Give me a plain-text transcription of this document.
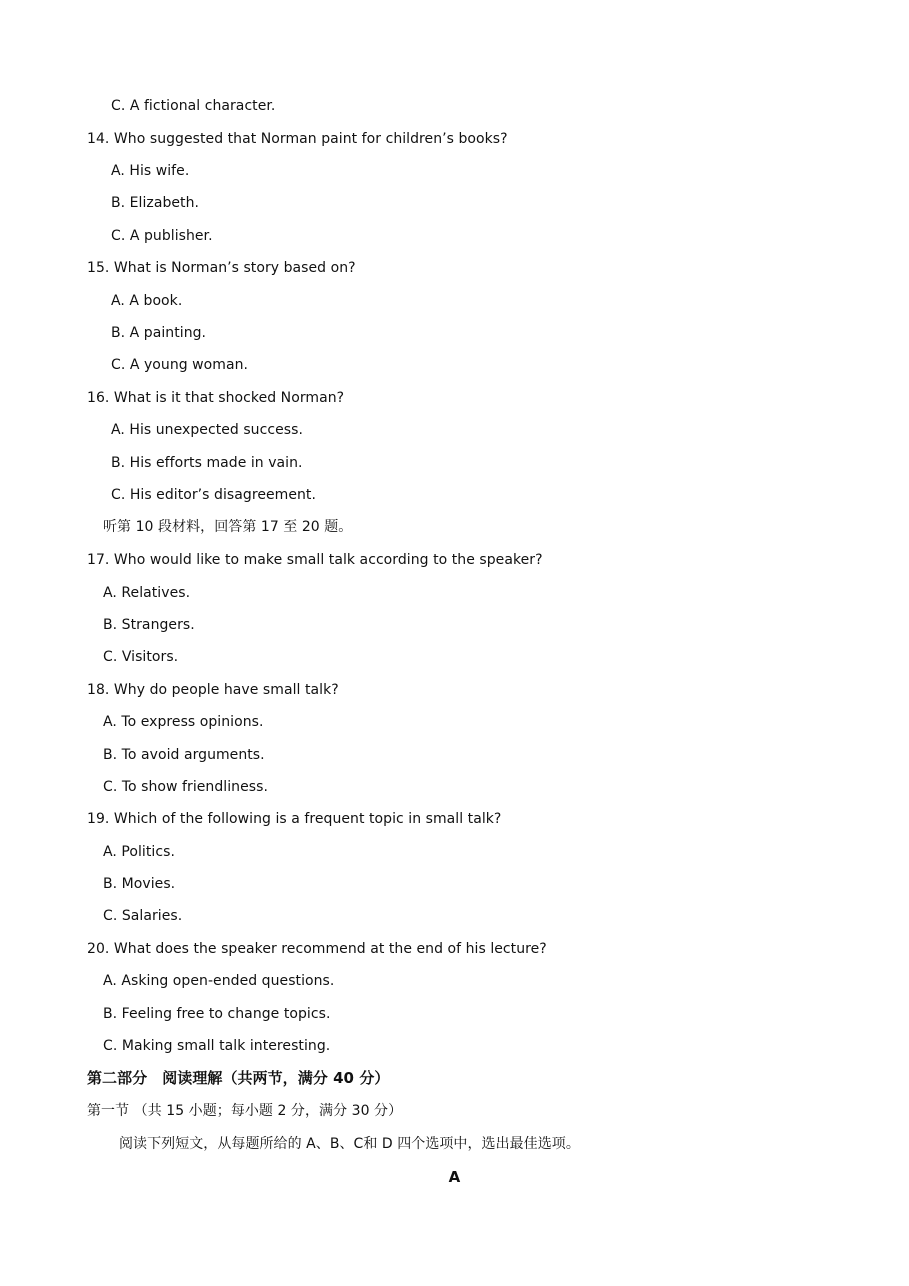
C. A fictional character.
14. Who suggested that Norman paint for children’s books?
A. His wife.
B. Elizabeth.
C. A publisher.
15. What is Norman’s story based on?
A. A book.
B. A painting.
C. A young woman.
16. What is it that shocked Norman?
A. His unexpected success.
B. His efforts made in vain.
C. His editor’s disagreement.
听第 10 段材料，回答第 17 至 20 题。
17. Who would like to make small talk according to the speaker?
A. Relatives.
B. Strangers.
C. Visitors.
18. Why do people have small talk?
A. To express opinions.
B. To avoid arguments.
C. To show friendliness.
19. Which of the following is a frequent topic in small talk?
A. Politics.
B. Movies.
C. Salaries.
20. What does the speaker recommend at the end of his lecture?
A. Asking open-ended questions.
B. Feeling free to change topics.
C. Making small talk interesting.
第二部分　阅读理解（共两节，满分 40 分）
第一节 （共 15 小题；每小题 2 分，满分 30 分）
阅读下列短文，从每题所给的 A、B、C和 D 四个选项中，选出最佳选项。
A
